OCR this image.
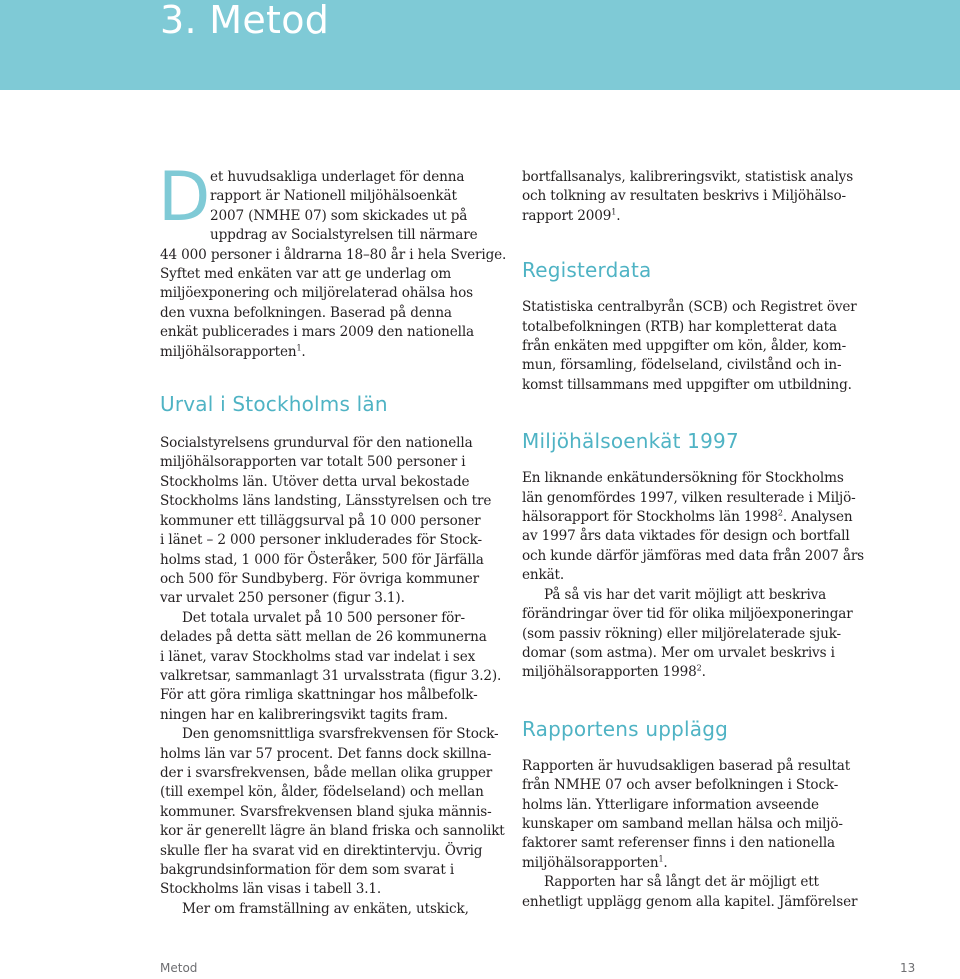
3. Metod
D et huvudsakliga underlaget för denna
rapport är Nationell miljöhälsoenkät
2007 (NMHE 07) som skickades ut på
uppdrag av Socialstyrelsen till närmare
44 000 personer i åldrarna 18–80 år i hela Sverige.
Syftet med enkäten var att ge underlag om
miljöexponering och miljörelaterad ohälsa hos
den vuxna befolkningen. Baserad på denna
enkät publicerades i mars 2009 den nationella
miljöhälsorapporten$^1$.

Urval i Stockholms län

Socialstyrelsens grundurval för den nationella
miljöhälsorapporten var totalt 500 personer i
Stockholms län. Utöver detta urval bekostade
Stockholms läns landsting, Länsstyrelsen och tre
kommuner ett tilläggsurval på 10 000 personer
i länet – 2 000 personer inkluderades för Stock-
holms stad, 1 000 för Österåker, 500 för Järfälla
och 500 för Sundbyberg. För övriga kommuner
var urvalet 250 personer (figur 3.1).

Det totala urvalet på 10 500 personer för-
delades på detta sätt mellan de 26 kommunerna
i länet, varav Stockholms stad var indelat i sex
valkretsar, sammanlagt 31 urvalsstrata (figur 3.2).
För att göra rimliga skattningar hos målbefolk-
ningen har en kalibreringsvikt tagits fram.

Den genomsnittliga svarsfrekvensen för Stock-
holms län var 57 procent. Det fanns dock skillna-
der i svarsfrekvensen, både mellan olika grupper
(till exempel kön, ålder, födelseland) och mellan
kommuner. Svarsfrekvensen bland sjuka männis-
kor är generellt lägre än bland friska och sannolikt
skulle fler ha svarat vid en direktintervju. Övrig
bakgrundsinformation för dem som svarat i
Stockholms län visas i tabell 3.1.

Mer om framställning av enkäten, utskick,

bortfallsanalys, kalibreringsvikt, statistisk analys
och tolkning av resultaten beskrivs i Miljöhälso-
rapport 2009$^1$.

Registerdata

Statistiska centralbyrån (SCB) och Registret över
totalbefolkningen (RTB) har kompletterat data
från enkäten med uppgifter om kön, ålder, kom-
mun, församling, födelseland, civilstånd och in-
komst tillsammans med uppgifter om utbildning.

Miljöhälsoenkät 1997

En liknande enkätundersökning för Stockholms
län genomfördes 1997, vilken resulterade i Miljö-
hälsorapport för Stockholms län 1998$^2$. Analysen
av 1997 års data viktades för design och bortfall
och kunde därför jämföras med data från 2007 års
enkät.

På så vis har det varit möjligt att beskriva
förändringar över tid för olika miljöexponeringar
(som passiv rökning) eller miljörelaterade sjuk-
domar (som astma). Mer om urvalet beskrivs i
miljöhälsorapporten 1998$^2$.

Rapportens upplägg

Rapporten är huvudsakligen baserad på resultat
från NMHE 07 och avser befolkningen i Stock-
holms län. Ytterligare information avseende
kunskaper om samband mellan hälsa och miljö-
faktorer samt referenser finns i den nationella
miljöhälsorapporten$^1$.

Rapporten har så långt det är möjligt ett
enhetligt upplägg genom alla kapitel. Jämförelser

Metod	13
